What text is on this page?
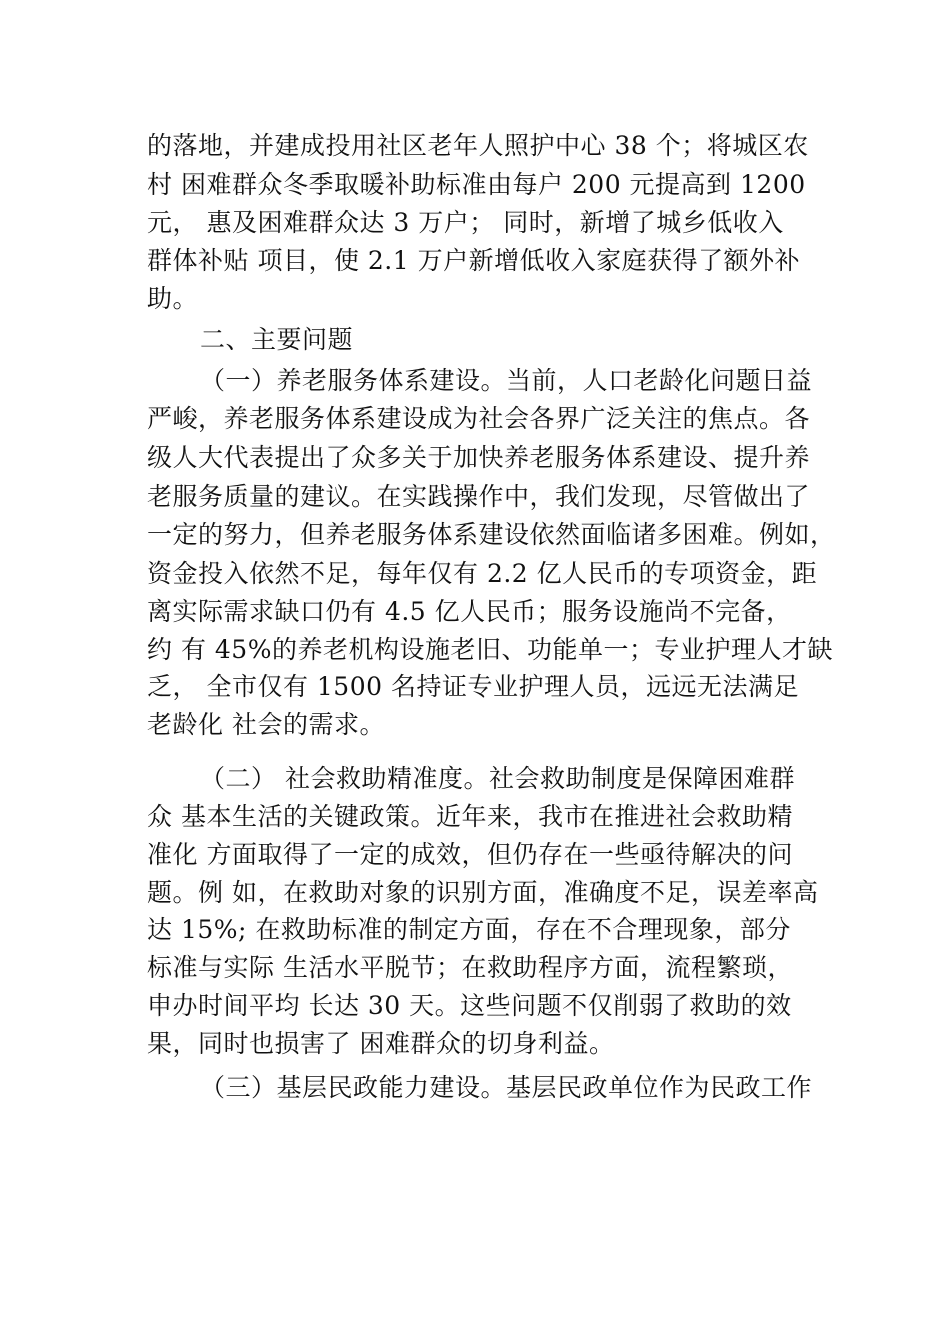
的落地，并建成投用社区老年人照护中心 38 个；将城区农
村 困难群众冬季取暖补助标准由每户 200 元提高到 1200
元， 惠及困难群众达 3 万户； 同时，新增了城乡低收入
群体补贴 项目，使 2.1 万户新增低收入家庭获得了额外补
助。
二、主要问题
（一）养老服务体系建设。当前，人口老龄化问题日益
严峻，养老服务体系建设成为社会各界广泛关注的焦点。各
级人大代表提出了众多关于加快养老服务体系建设、提升养
老服务质量的建议。在实践操作中，我们发现，尽管做出了
一定的努力，但养老服务体系建设依然面临诸多困难。例如，
资金投入依然不足，每年仅有 2.2 亿人民币的专项资金，距
离实际需求缺口仍有 4.5 亿人民币；服务设施尚不完备，
约 有 45%的养老机构设施老旧、功能单一；专业护理人才缺
乏， 全市仅有 1500 名持证专业护理人员，远远无法满足
老龄化 社会的需求。
（二） 社会救助精准度。社会救助制度是保障困难群
众 基本生活的关键政策。近年来，我市在推进社会救助精
准化 方面取得了一定的成效，但仍存在一些亟待解决的问
题。例 如，在救助对象的识别方面，准确度不足，误差率高
达 15%; 在救助标准的制定方面，存在不合理现象，部分
标准与实际 生活水平脱节；在救助程序方面，流程繁琐，
申办时间平均 长达 30 天。这些问题不仅削弱了救助的效
果，同时也损害了 困难群众的切身利益。
（三）基层民政能力建设。基层民政单位作为民政工作
